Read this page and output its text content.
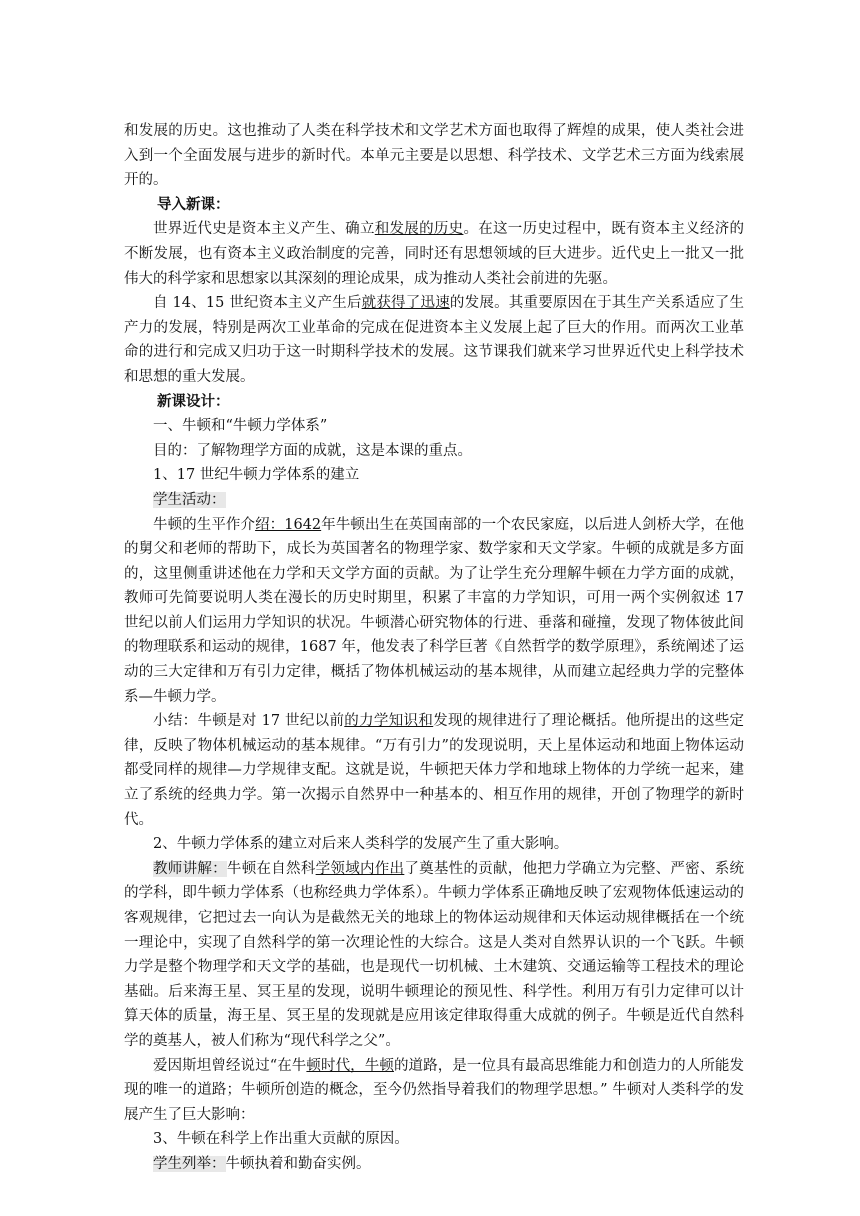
和发展的历史。这也推动了人类在科学技术和文学艺术方面也取得了辉煌的成果，使人类社会进入到一个全面发展与进步的新时代。本单元主要是以思想、科学技术、文学艺术三方面为线索展开的。

导入新课：

世界近代史是资本主义产生、确立和发展的历史。在这一历史过程中，既有资本主义经济的不断发展，也有资本主义政治制度的完善，同时还有思想领域的巨大进步。近代史上一批又一批伟大的科学家和思想家以其深刻的理论成果，成为推动人类社会前进的先驱。

自 14、15 世纪资本主义产生后就获得了迅速的发展。其重要原因在于其生产关系适应了生产力的发展，特别是两次工业革命的完成在促进资本主义发展上起了巨大的作用。而两次工业革命的进行和完成又归功于这一时期科学技术的发展。这节课我们就来学习世界近代史上科学技术和思想的重大发展。

新课设计：

一、牛顿和“牛顿力学体系”

目的：了解物理学方面的成就，这是本课的重点。

1、17 世纪牛顿力学体系的建立

学生活动：

牛顿的生平作介绍：1642年牛顿出生在英国南部的一个农民家庭，以后进人剑桥大学，在他的舅父和老师的帮助下，成长为英国著名的物理学家、数学家和天文学家。牛顿的成就是多方面的，这里侧重讲述他在力学和天文学方面的贡献。为了让学生充分理解牛顿在力学方面的成就，教师可先简要说明人类在漫长的历史时期里，积累了丰富的力学知识，可用一两个实例叙述 17 世纪以前人们运用力学知识的状况。牛顿潜心研究物体的行进、垂落和碰撞，发现了物体彼此间的物理联系和运动的规律，1687 年，他发表了科学巨著《自然哲学的数学原理》，系统阐述了运动的三大定律和万有引力定律，概括了物体机械运动的基本规律，从而建立起经典力学的完整体系—牛顿力学。

小结：牛顿是对 17 世纪以前的力学知识和发现的规律进行了理论概括。他所提出的这些定律，反映了物体机械运动的基本规律。“万有引力”的发现说明，天上星体运动和地面上物体运动都受同样的规律—力学规律支配。这就是说，牛顿把天体力学和地球上物体的力学统一起来，建立了系统的经典力学。第一次揭示自然界中一种基本的、相互作用的规律，开创了物理学的新时代。

2、牛顿力学体系的建立对后来人类科学的发展产生了重大影响。

教师讲解：牛顿在自然科学领域内作出了奠基性的贡献，他把力学确立为完整、严密、系统的学科，即牛顿力学体系（也称经典力学体系）。牛顿力学体系正确地反映了宏观物体低速运动的客观规律，它把过去一向认为是截然无关的地球上的物体运动规律和天体运动规律概括在一个统一理论中，实现了自然科学的第一次理论性的大综合。这是人类对自然界认识的一个飞跃。牛顿力学是整个物理学和天文学的基础，也是现代一切机械、土木建筑、交通运输等工程技术的理论基础。后来海王星、冥王星的发现，说明牛顿理论的预见性、科学性。利用万有引力定律可以计算天体的质量，海王星、冥王星的发现就是应用该定律取得重大成就的例子。牛顿是近代自然科学的奠基人，被人们称为“现代科学之父”。

爱因斯坦曾经说过“在牛顿时代，牛顿的道路，是一位具有最高思维能力和创造力的人所能发现的唯一的道路；牛顿所创造的概念，至今仍然指导着我们的物理学思想。” 牛顿对人类科学的发展产生了巨大影响：

3、牛顿在科学上作出重大贡献的原因。

学生列举：牛顿执着和勤奋实例。
